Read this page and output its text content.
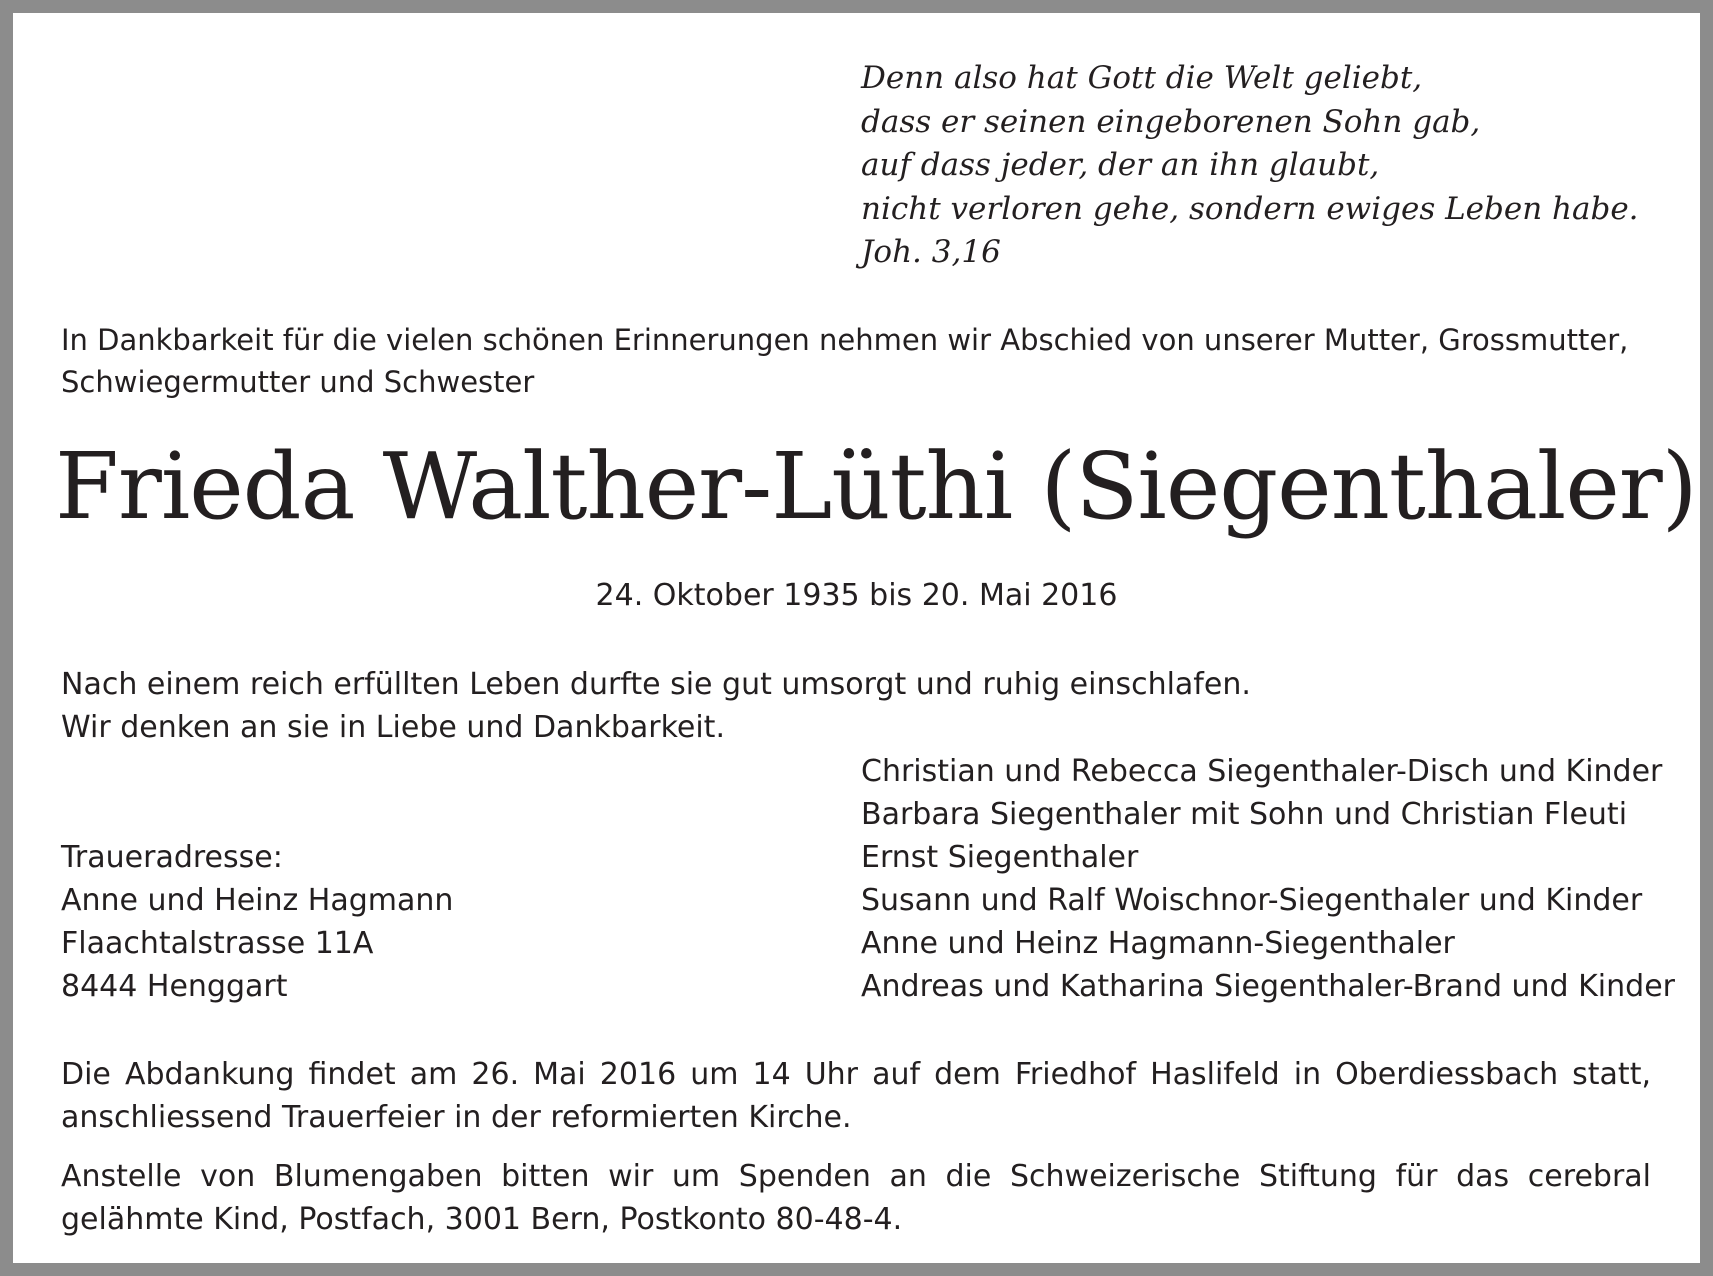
Denn also hat Gott die Welt geliebt,
dass er seinen eingeborenen Sohn gab,
auf dass jeder, der an ihn glaubt,
nicht verloren gehe, sondern ewiges Leben habe.
Joh. 3,16
In Dankbarkeit für die vielen schönen Erinnerungen nehmen wir Abschied von unserer Mutter, Grossmutter, Schwiegermutter und Schwester
Frieda Walther-Lüthi (Siegenthaler)
24. Oktober 1935 bis 20. Mai 2016
Nach einem reich erfüllten Leben durfte sie gut umsorgt und ruhig einschlafen.
Wir denken an sie in Liebe und Dankbarkeit.
Christian und Rebecca Siegenthaler-Disch und Kinder
Barbara Siegenthaler mit Sohn und Christian Fleuti
Ernst Siegenthaler
Susann und Ralf Woischnor-Siegenthaler und Kinder
Anne und Heinz Hagmann-Siegenthaler
Andreas und Katharina Siegenthaler-Brand und Kinder
Traueradresse:
Anne und Heinz Hagmann
Flaachtalstrasse 11A
8444 Henggart
Die Abdankung findet am 26. Mai 2016 um 14 Uhr auf dem Friedhof Haslifeld in Oberdiessbach statt, anschliessend Trauerfeier in der reformierten Kirche.
Anstelle von Blumengaben bitten wir um Spenden an die Schweizerische Stiftung für das cerebral gelähmte Kind, Postfach, 3001 Bern, Postkonto 80-48-4.
